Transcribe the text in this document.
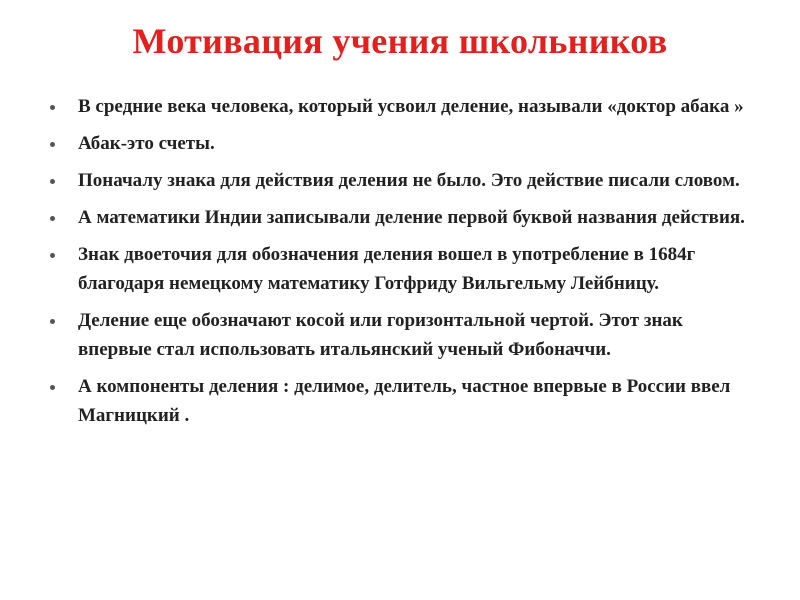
Мотивация учения школьников
В средние века человека, который усвоил деление, называли «доктор абака »
Абак-это счеты.
Поначалу знака для действия деления не было. Это действие писали словом.
А математики Индии записывали деление первой буквой названия действия.
Знак двоеточия для обозначения деления вошел в употребление в 1684г благодаря немецкому математику Готфриду Вильгельму Лейбницу.
Деление еще обозначают косой или горизонтальной чертой. Этот знак впервые стал использовать итальянский ученый Фибоначчи.
А компоненты деления : делимое, делитель, частное впервые в России ввел Магницкий .
